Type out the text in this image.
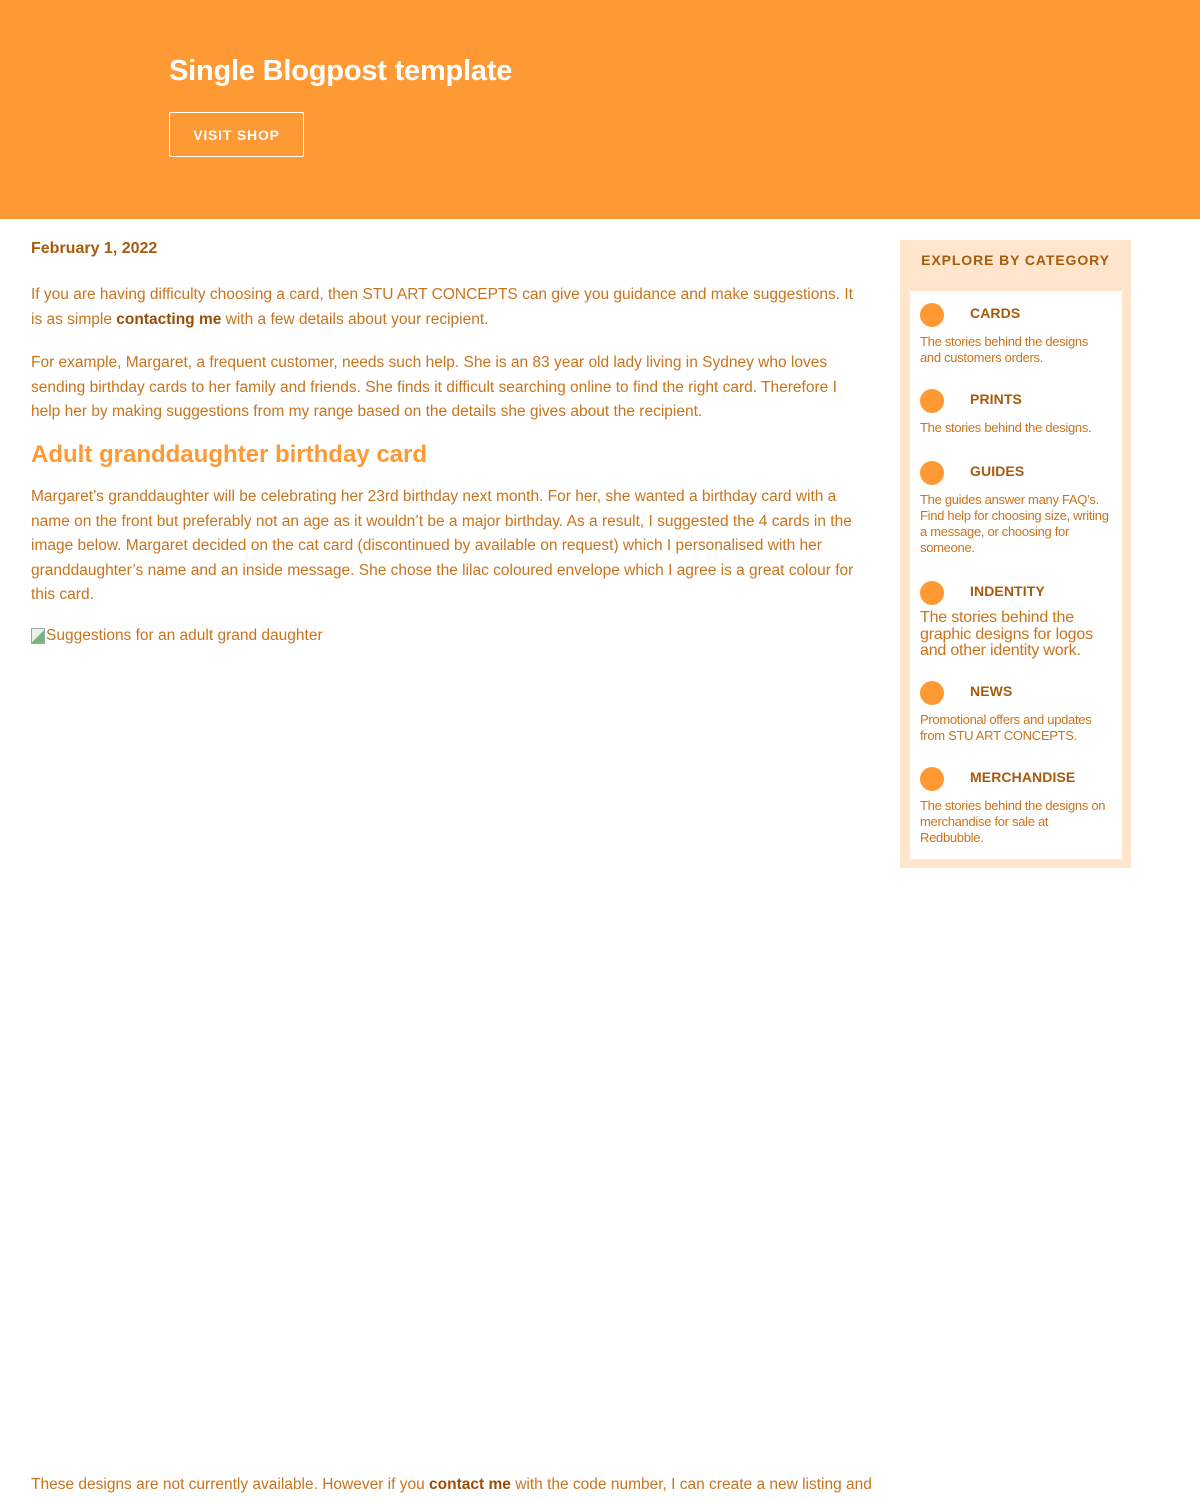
Single Blogpost template
VISIT SHOP

February 1, 2022

If you are having difficulty choosing a card, then STU ART CONCEPTS can give you guidance and make suggestions. It is as simple contacting me with a few details about your recipient.

For example, Margaret, a frequent customer, needs such help. She is an 83 year old lady living in Sydney who loves sending birthday cards to her family and friends. She finds it difficult searching online to find the right card. Therefore I help her by making suggestions from my range based on the details she gives about the recipient.

Adult granddaughter birthday card

Margaret’s granddaughter will be celebrating her 23rd birthday next month. For her, she wanted a birthday card with a name on the front but preferably not an age as it wouldn’t be a major birthday. As a result, I suggested the 4 cards in the image below. Margaret decided on the cat card (discontinued by available on request) which I personalised with her granddaughter’s name and an inside message. She chose the lilac coloured envelope which I agree is a great colour for this card.

Suggestions for an adult grand daughter

These designs are not currently available. However if you contact me with the code number, I can create a new listing and

EXPLORE BY CATEGORY

CARDS

The stories behind the designs and customers orders.

PRINTS

The stories behind the designs.

GUIDES

The guides answer many FAQ’s. Find help for choosing size, writing a message, or choosing for someone.

INDENTITY

The stories behind the graphic designs for logos and other identity work.

NEWS

Promotional offers and updates from STU ART CONCEPTS.

MERCHANDISE

The stories behind the designs on merchandise for sale at Redbubble.
